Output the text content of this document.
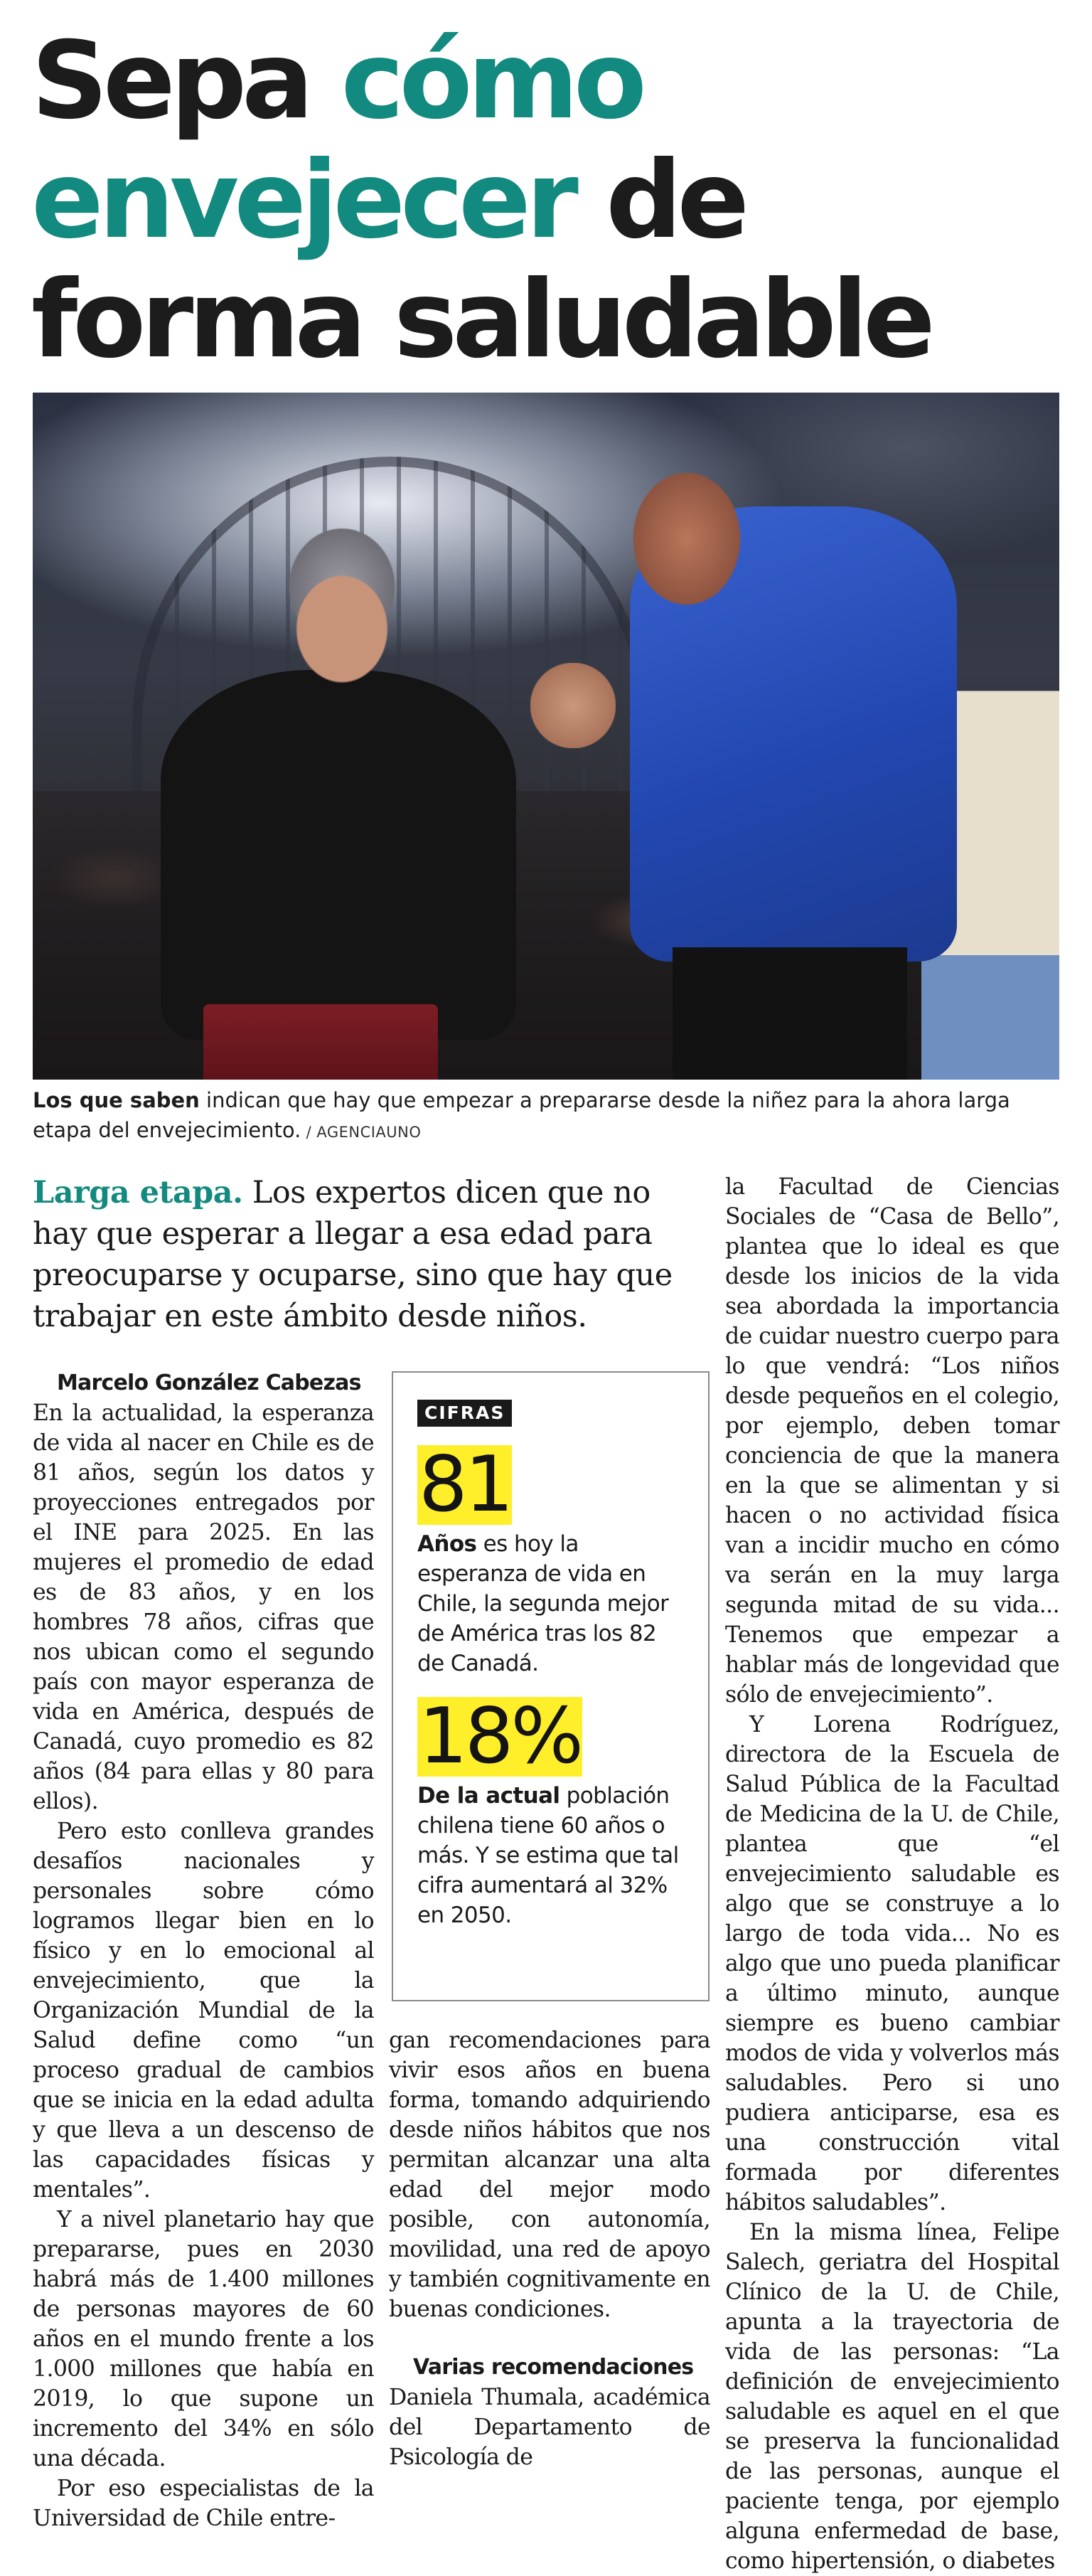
Sepa cómo
envejecer de
forma saludable
Los que saben indican que hay que empezar a prepararse desde la niñez para la ahora larga etapa del envejecimiento. / AGENCIAUNO
Larga etapa. Los expertos dicen que no hay que esperar a llegar a esa edad para preocuparse y ocuparse, sino que hay que trabajar en este ámbito desde niños.

Marcelo González Cabezas

En la actualidad, la esperanza de vida al nacer en Chile es de 81 años, según los datos y proyecciones entregados por el INE para 2025. En las mujeres el promedio de edad es de 83 años, y en los hombres 78 años, cifras que nos ubican como el segundo país con mayor esperanza de vida en América, después de Canadá, cuyo promedio es 82 años (84 para ellas y 80 para ellos).

Pero esto conlleva grandes desafíos nacionales y personales sobre cómo logramos llegar bien en lo físico y en lo emocional al envejecimiento, que la Organización Mundial de la Salud define como “un proceso gradual de cambios que se inicia en la edad adulta y que lleva a un descenso de las capacidades físicas y mentales”.

Y a nivel planetario hay que prepararse, pues en 2030 habrá más de 1.400 millones de personas mayores de 60 años en el mundo frente a los 1.000 millones que había en 2019, lo que supone un incremento del 34% en sólo una década.

Por eso especialistas de la Universidad de Chile entre-

CIFRAS
81

Años es hoy la esperanza de vida en Chile, la segunda mejor de América tras los 82 de Canadá.

18%

De la actual población chilena tiene 60 años o más. Y se estima que tal cifra aumentará al 32% en 2050.

gan recomendaciones para vivir esos años en buena forma, tomando adquiriendo desde niños hábitos que nos permitan alcanzar una alta edad del mejor modo posible, con autonomía, movilidad, una red de apoyo y también cognitivamente en buenas condiciones.

Varias recomendaciones

Daniela Thumala, académica del Departamento de Psicología de

la Facultad de Ciencias Sociales de “Casa de Bello”, plantea que lo ideal es que desde los inicios de la vida sea abordada la importancia de cuidar nuestro cuerpo para lo que vendrá: “Los niños desde pequeños en el colegio, por ejemplo, deben tomar conciencia de que la manera en la que se alimentan y si hacen o no actividad física van a incidir mucho en cómo va serán en la muy larga segunda mitad de su vida... Tenemos que empezar a hablar más de longevidad que sólo de envejecimiento”.

Y Lorena Rodríguez, directora de la Escuela de Salud Pública de la Facultad de Medicina de la U. de Chile, plantea que “el envejecimiento saludable es algo que se construye a lo largo de toda vida... No es algo que uno pueda planificar a último minuto, aunque siempre es bueno cambiar modos de vida y volverlos más saludables. Pero si uno pudiera anticiparse, esa es una construcción vital formada por diferentes hábitos saludables”.

En la misma línea, Felipe Salech, geriatra del Hospital Clínico de la U. de Chile, apunta a la trayectoria de vida de las personas: “La definición de envejecimiento saludable es aquel en el que se preserva la funcionalidad de las personas, aunque el paciente tenga, por ejemplo alguna enfermedad de base, como hipertensión, o diabetes
